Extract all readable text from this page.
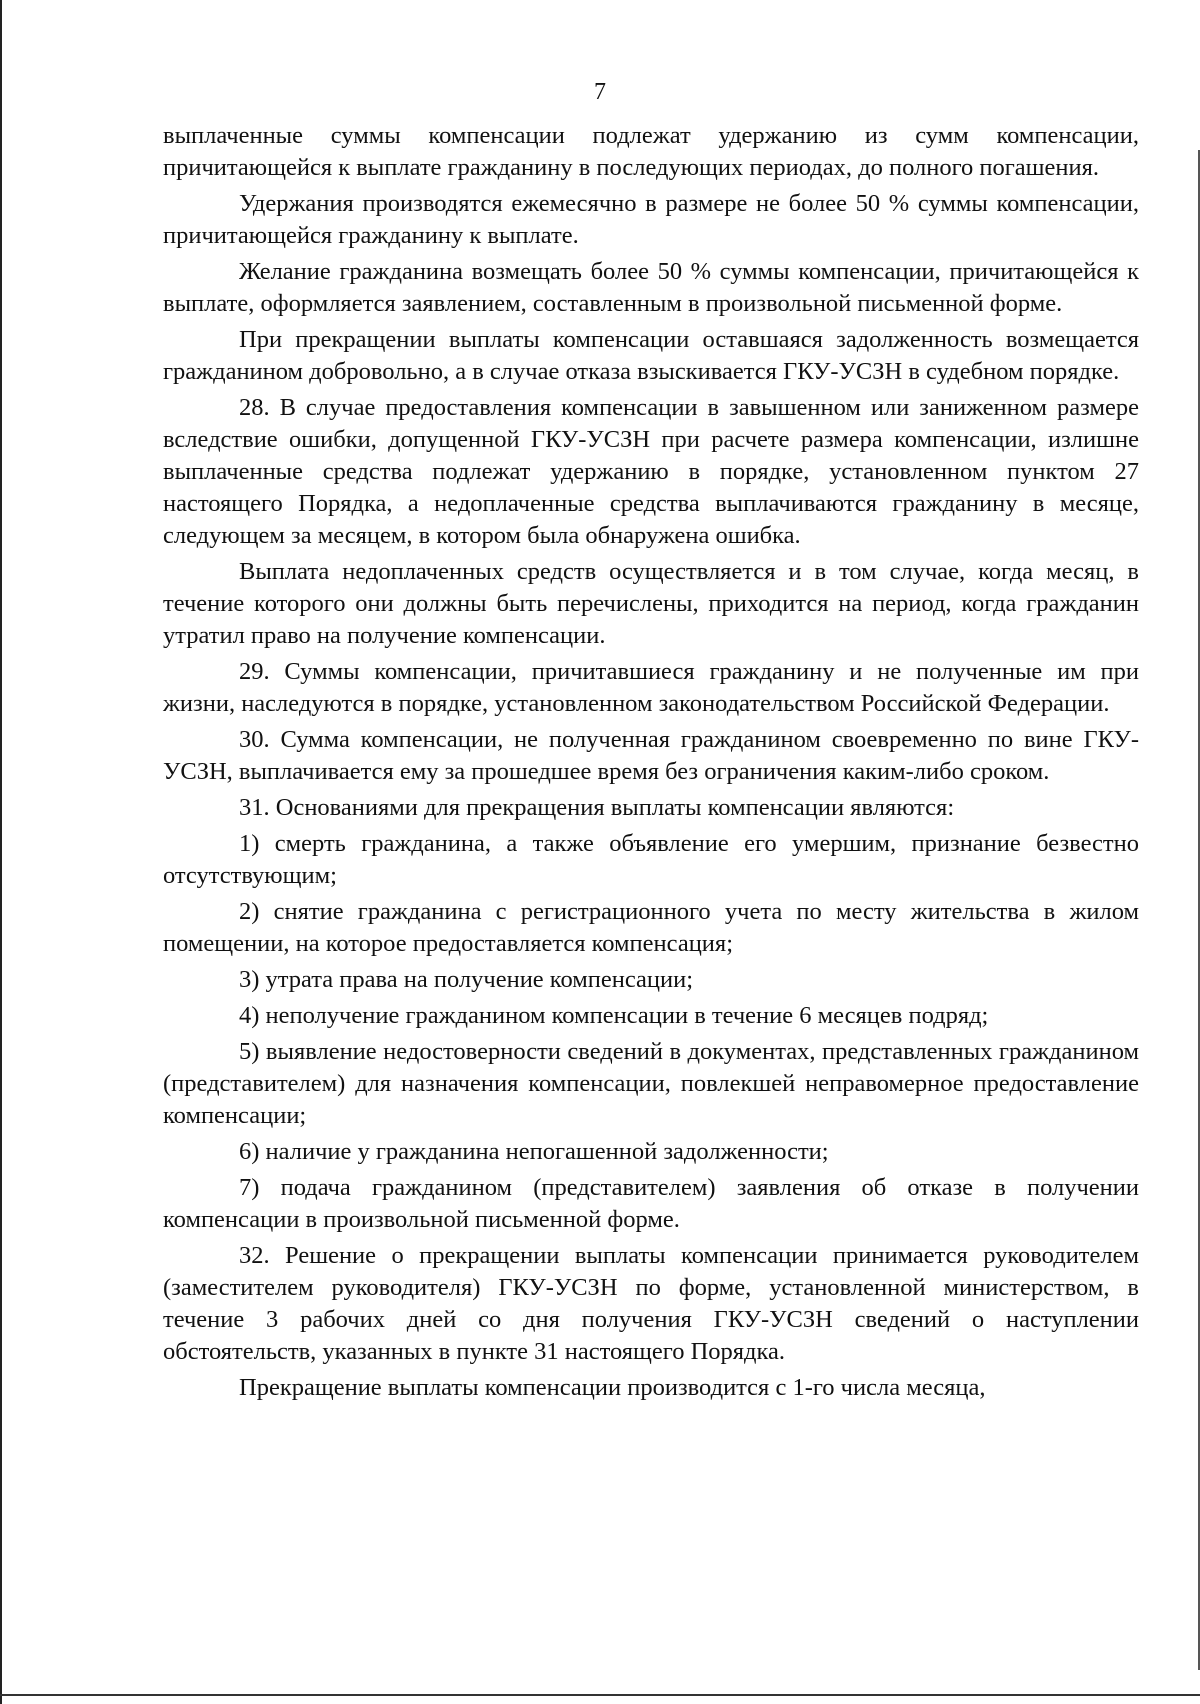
7

выплаченные суммы компенсации подлежат удержанию из сумм компенсации, причитающейся к выплате гражданину в последующих периодах, до полного погашения.

Удержания производятся ежемесячно в размере не более 50 % суммы компенсации, причитающейся гражданину к выплате.

Желание гражданина возмещать более 50 % суммы компенсации, причитающейся к выплате, оформляется заявлением, составленным в произвольной письменной форме.

При прекращении выплаты компенсации оставшаяся задолженность возмещается гражданином добровольно, а в случае отказа взыскивается ГКУ-УСЗН в судебном порядке.

28. В случае предоставления компенсации в завышенном или заниженном размере вследствие ошибки, допущенной ГКУ-УСЗН при расчете размера компенсации, излишне выплаченные средства подлежат удержанию в порядке, установленном пунктом 27 настоящего Порядка, а недоплаченные средства выплачиваются гражданину в месяце, следующем за месяцем, в котором была обнаружена ошибка.

Выплата недоплаченных средств осуществляется и в том случае, когда месяц, в течение которого они должны быть перечислены, приходится на период, когда гражданин утратил право на получение компенсации.

29. Суммы компенсации, причитавшиеся гражданину и не полученные им при жизни, наследуются в порядке, установленном законодательством Российской Федерации.

30. Сумма компенсации, не полученная гражданином своевременно по вине ГКУ-УСЗН, выплачивается ему за прошедшее время без ограничения каким-либо сроком.

31. Основаниями для прекращения выплаты компенсации являются:

1) смерть гражданина, а также объявление его умершим, признание безвестно отсутствующим;

2) снятие гражданина с регистрационного учета по месту жительства в жилом помещении, на которое предоставляется компенсация;

3) утрата права на получение компенсации;

4) неполучение гражданином компенсации в течение 6 месяцев подряд;

5) выявление недостоверности сведений в документах, представленных гражданином (представителем) для назначения компенсации, повлекшей неправомерное предоставление компенсации;

6) наличие у гражданина непогашенной задолженности;

7) подача гражданином (представителем) заявления об отказе в получении компенсации в произвольной письменной форме.

32. Решение о прекращении выплаты компенсации принимается руководителем (заместителем руководителя) ГКУ-УСЗН по форме, установленной министерством, в течение 3 рабочих дней со дня получения ГКУ-УСЗН сведений о наступлении обстоятельств, указанных в пункте 31 настоящего Порядка.

Прекращение выплаты компенсации производится с 1-го числа месяца,
